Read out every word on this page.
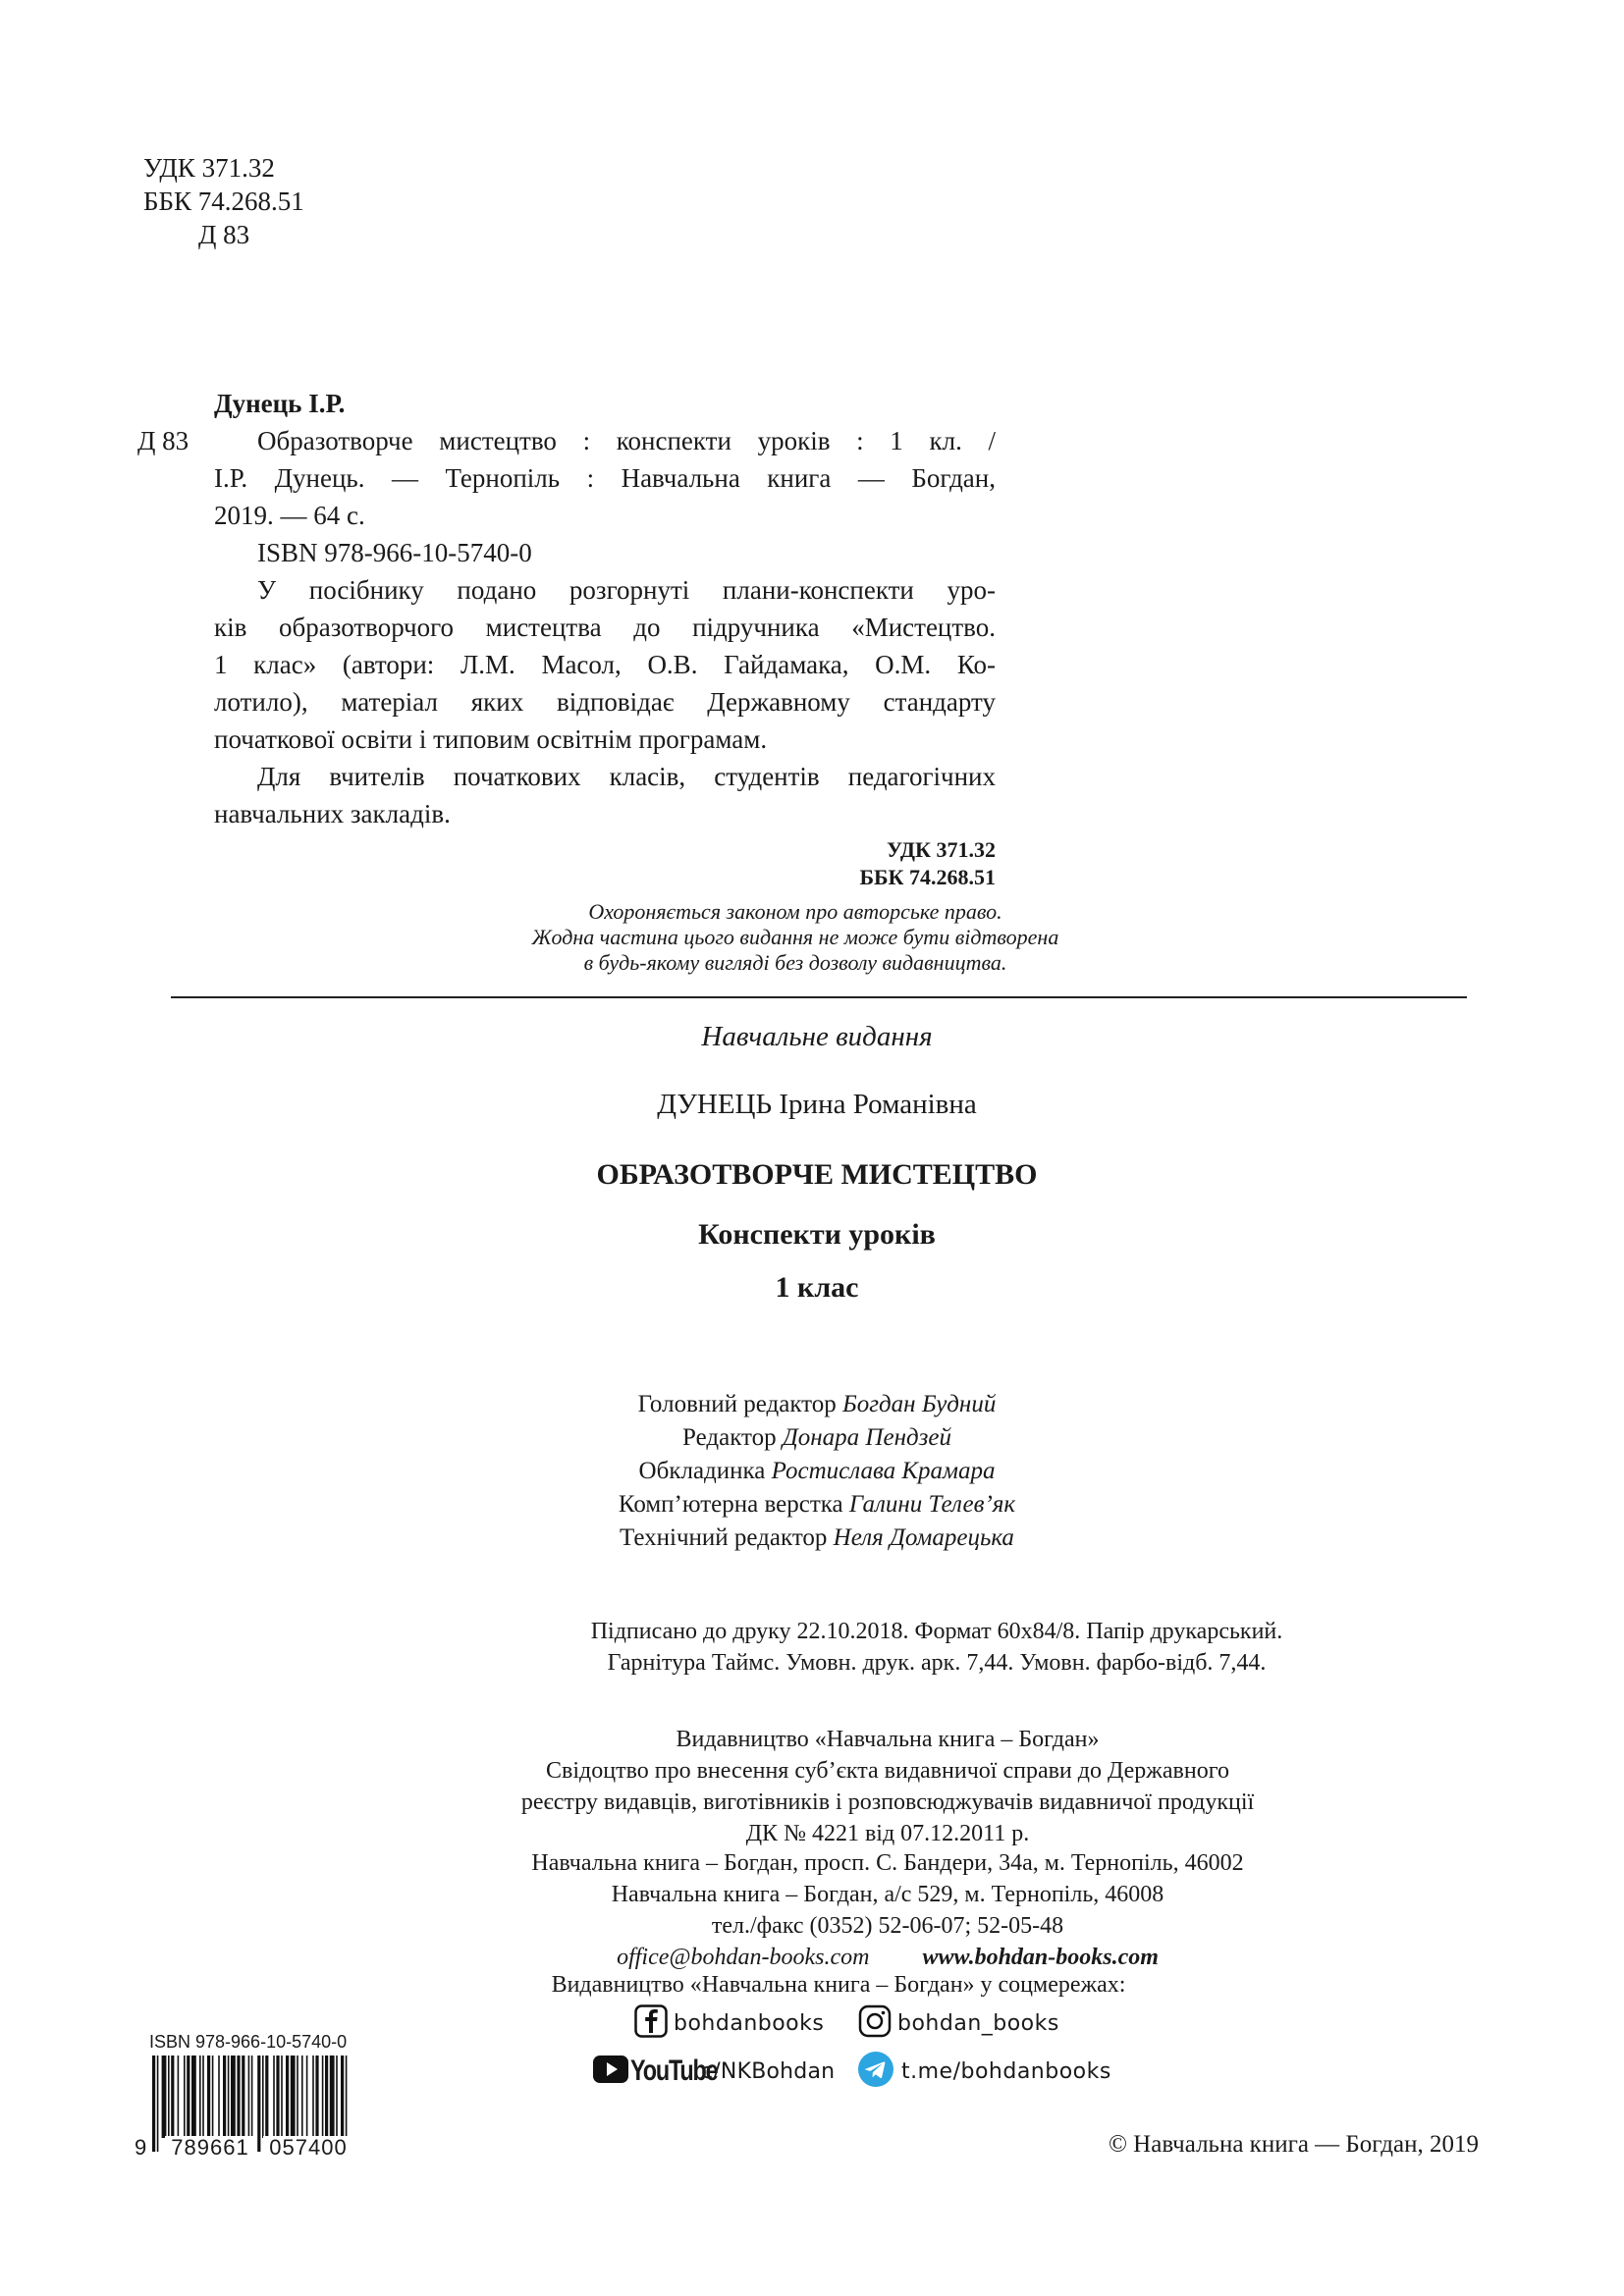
УДК 371.32
ББК 74.268.51
Д 83
Дунець І.Р.
Д 83	Образотворче мистецтво : конспекти уроків : 1 кл. /
І.Р. Дунець. — Тернопіль : Навчальна книга — Богдан,
2019. — 64 с.
ISBN 978-966-10-5740-0
У посібнику подано розгорнуті плани-конспекти уро-
ків образотворчого мистецтва до підручника «Мистецтво.
1 клас» (автори: Л.М. Масол, О.В. Гайдамака, О.М. Ко-
лотило), матеріал яких відповідає Державному стандарту
початкової освіти і типовим освітнім програмам.
Для вчителів початкових класів, студентів педагогічних
навчальних закладів.
УДК 371.32
ББК 74.268.51
Охороняється законом про авторське право.
Жодна частина цього видання не може бути відтворена
в будь-якому вигляді без дозволу видавництва.
Навчальне видання
ДУНЕЦЬ Ірина Романівна
ОБРАЗОТВОРЧЕ МИСТЕЦТВО
Конспекти уроків
1 клас
Головний редактор Богдан Будний
Редактор Донара Пендзей
Обкладинка Ростислава Крамара
Комп’ютерна верстка Галини Телев’як
Технічний редактор Неля Домарецька
Підписано до друку 22.10.2018. Формат 60х84/8. Папір друкарський.
Гарнітура Таймс. Умовн. друк. арк. 7,44. Умовн. фарбо-відб. 7,44.
Видавництво «Навчальна книга – Богдан»
Свідоцтво про внесення суб’єкта видавничої справи до Державного
реєстру видавців, виготівників і розповсюджувачів видавничої продукції
ДК № 4221 від 07.12.2011 р.
Навчальна книга – Богдан, просп. С. Бандери, 34а, м. Тернопіль, 46002
Навчальна книга – Богдан, а/с 529, м. Тернопіль, 46008
тел./факс (0352) 52-06-07; 52-05-48
office@bohdan-books.com www.bohdan-books.com
Видавництво «Навчальна книга – Богдан» у соцмережах:
bohdanbooks	bohdan_books
YouTube
c/NKBohdan	t.me/bohdanbooks
ISBN 978-966-10-5740-0
9 789661 057400	© Навчальна книга — Богдан, 2019
